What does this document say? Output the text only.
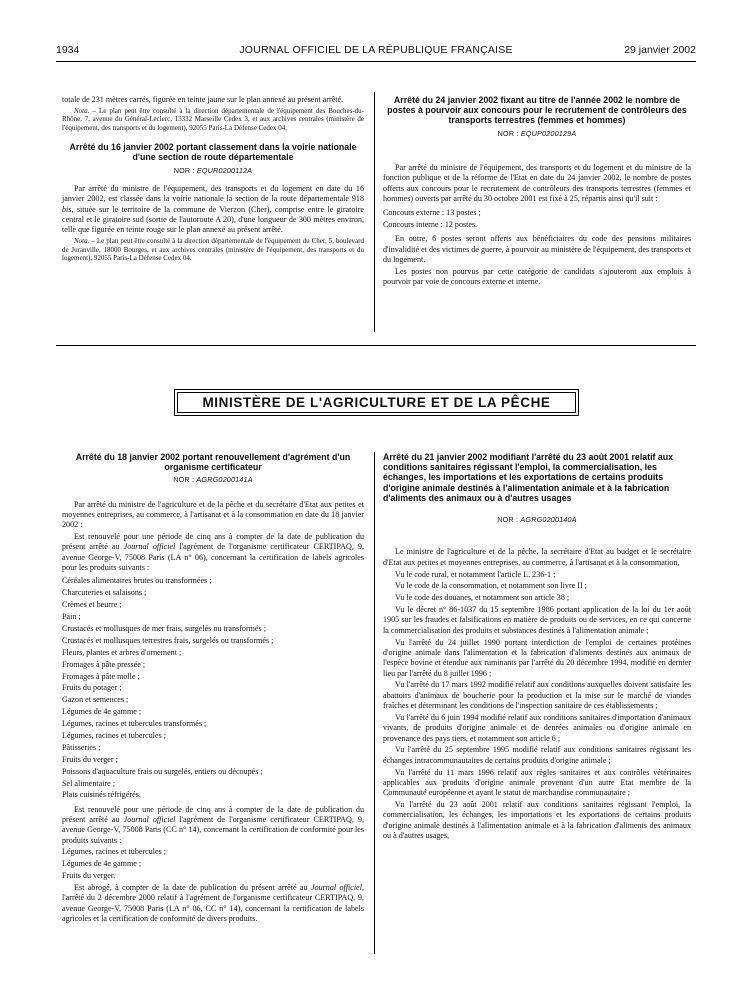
1934	JOURNAL OFFICIEL DE LA RÉPUBLIQUE FRANÇAISE	29 janvier 2002

totale de 231 mètres carrés, figurée en teinte jaune sur le plan annexé au présent arrêté.

Nota. – Le plan peut être consulté à la direction départementale de l'équipement des Bouches-du-Rhône, 7, avenue du Général-Leclerc, 13332 Marseille Cedex 3, et aux archives centrales (ministère de l'équipement, des transports et du logement), 92055 Paris-La Défense Cedex 04.

Arrêté du 16 janvier 2002 portant classement dans la voirie nationale d'une section de route départementale
NOR : EQUR0200112A

Par arrêté du ministre de l'équipement, des transports et du logement en date du 16 janvier 2002, est classée dans la voirie nationale la section de la route départementale 918 bis, située sur le territoire de la commune de Vierzon (Cher), comprise entre le giratoire central et le giratoire sud (sortie de l'autoroute A 20), d'une longueur de 300 mètres environ, telle que figurée en teinte rouge sur le plan annexé au présent arrêté.

Nota. – Le plan peut être consulté à la direction départementale de l'équipement du Cher, 5, boulevard de Juranville, 18000 Bourges, et aux archives centrales (ministère de l'équipement, des transports et du logement), 92055 Paris-La Défense Cedex 04.

Arrêté du 24 janvier 2002 fixant au titre de l'année 2002 le nombre de postes à pourvoir aux concours pour le recrutement de contrôleurs des transports terrestres (femmes et hommes)
NOR : EQUP0200129A

Par arrêté du ministre de l'équipement, des transports et du logement et du ministre de la fonction publique et de la réforme de l'Etat en date du 24 janvier 2002, le nombre de postes offerts aux concours pour le recrutement de contrôleurs des transports terrestres (femmes et hommes) ouverts par arrêté du 30 octobre 2001 est fixé à 25, répartis ainsi qu'il suit :

Concours externe : 13 postes ;

Concours interne : 12 postes.

En outre, 6 postes seront offerts aux bénéficiaires du code des pensions militaires d'invalidité et des victimes de guerre, à pourvoir au ministère de l'équipement, des transports et du logement.

Les postes non pourvus par cette catégorie de candidats s'ajouteront aux emplois à pourvoir par voie de concours externe et interne.

MINISTÈRE DE L'AGRICULTURE ET DE LA PÊCHE
Arrêté du 18 janvier 2002 portant renouvellement d'agrément d'un organisme certificateur
NOR : AGRG0200141A

Par arrêté du ministre de l'agriculture et de la pêche et du secrétaire d'Etat aux petites et moyennes entreprises, au commerce, à l'artisanat et à la consommation en date du 18 janvier 2002 :

Est renouvelé pour une période de cinq ans à compter de la date de publication du présent arrêté au Journal officiel l'agrément de l'organisme certificateur CERTIPAQ, 9, avenue George-V, 75008 Paris (LA n° 06), concernant la certification de labels agricoles pour les produits suivants :

Céréales alimentaires brutes ou transformées ;

Charcuteries et salaisons ;

Crèmes et beurre ;

Pain ;

Crustacés et mollusques de mer frais, surgelés ou transformés ;

Crustacés et mollusques terrestres frais, surgelés ou transformés ;

Fleurs, plantes et arbres d'ornement ;

Fromages à pâte pressée ;

Fromages à pâte molle ;

Fruits du potager ;

Gazon et semences ;

Légumes de 4e gamme ;

Légumes, racines et tubercules transformés ;

Légumes, racines et tubercules ;

Pâtisseries ;

Fruits du verger ;

Poissons d'aquaculture frais ou surgelés, entiers ou découpés ;

Sel alimentaire ;

Plats cuisinés réfrigérés.

Est renouvelé pour une période de cinq ans à compter de la date de publication du présent arrêté au Journal officiel l'agrément de l'organisme certificateur CERTIPAQ, 9, avenue George-V, 75008 Paris (CC n° 14), concernant la certification de conformité pour les produits suivants :

Légumes, racines et tubercules ;

Légumes de 4e gamme ;

Fruits du verger.

Est abrogé, à compter de la date de publication du présent arrêté au Journal officiel, l'arrêté du 2 décembre 2000 relatif à l'agrément de l'organisme certificateur CERTIPAQ, 9, avenue George-V, 75008 Paris (LA n° 06, CC n° 14), concernant la certification de labels agricoles et la certification de conformité de divers produits.

Arrêté du 21 janvier 2002 modifiant l'arrêté du 23 août 2001 relatif aux conditions sanitaires régissant l'emploi, la commercialisation, les échanges, les importations et les exportations de certains produits d'origine animale destinés à l'alimentation animale et à la fabrication d'aliments des animaux ou à d'autres usages
NOR : AGRG0200140A

Le ministre de l'agriculture et de la pêche, la secrétaire d'Etat au budget et le secrétaire d'Etat aux petites et moyennes entreprises, au commerce, à l'artisanat et à la consommation,

Vu le code rural, et notamment l'article L. 236-1 ;

Vu le code de la consommation, et notamment son livre II ;

Vu le code des douanes, et notamment son article 38 ;

Vu le décret n° 86-1037 du 15 septembre 1986 portant application de la loi du 1er août 1905 sur les fraudes et falsifications en matière de produits ou de services, en ce qui concerne la commercialisation des produits et substances destinés à l'alimentation animale ;

Vu l'arrêté du 24 juillet 1990 portant interdiction de l'emploi de certaines protéines d'origine animale dans l'alimentation et la fabrication d'aliments destinés aux animaux de l'espèce bovine et étendue aux ruminants par l'arrêté du 20 décembre 1994, modifié en dernier lieu par l'arrêté du 8 juillet 1996 ;

Vu l'arrêté du 17 mars 1992 modifié relatif aux conditions auxquelles doivent satisfaire les abattoirs d'animaux de boucherie pour la production et la mise sur le marché de viandes fraîches et déterminant les conditions de l'inspection sanitaire de ces établissements ;

Vu l'arrêté du 6 juin 1994 modifié relatif aux conditions sanitaires d'importation d'animaux vivants, de produits d'origine animale et de denrées animales ou d'origine animale en provenance des pays tiers, et notamment son article 6 ;

Vu l'arrêté du 25 septembre 1995 modifié relatif aux conditions sanitaires régissant les échanges intracommunautaires de certains produits d'origine animale ;

Vu l'arrêté du 11 mars 1996 relatif aux règles sanitaires et aux contrôles vétérinaires applicables aux produits d'origine animale provenant d'un autre Etat membre de la Communauté européenne et ayant le statut de marchandise communautaire ;

Vu l'arrêté du 23 août 2001 relatif aux conditions sanitaires régissant l'emploi, la commercialisation, les échanges, les importations et les exportations de certains produits d'origine animale destinés à l'alimentation animale et à la fabrication d'aliments des animaux ou à d'autres usages,
